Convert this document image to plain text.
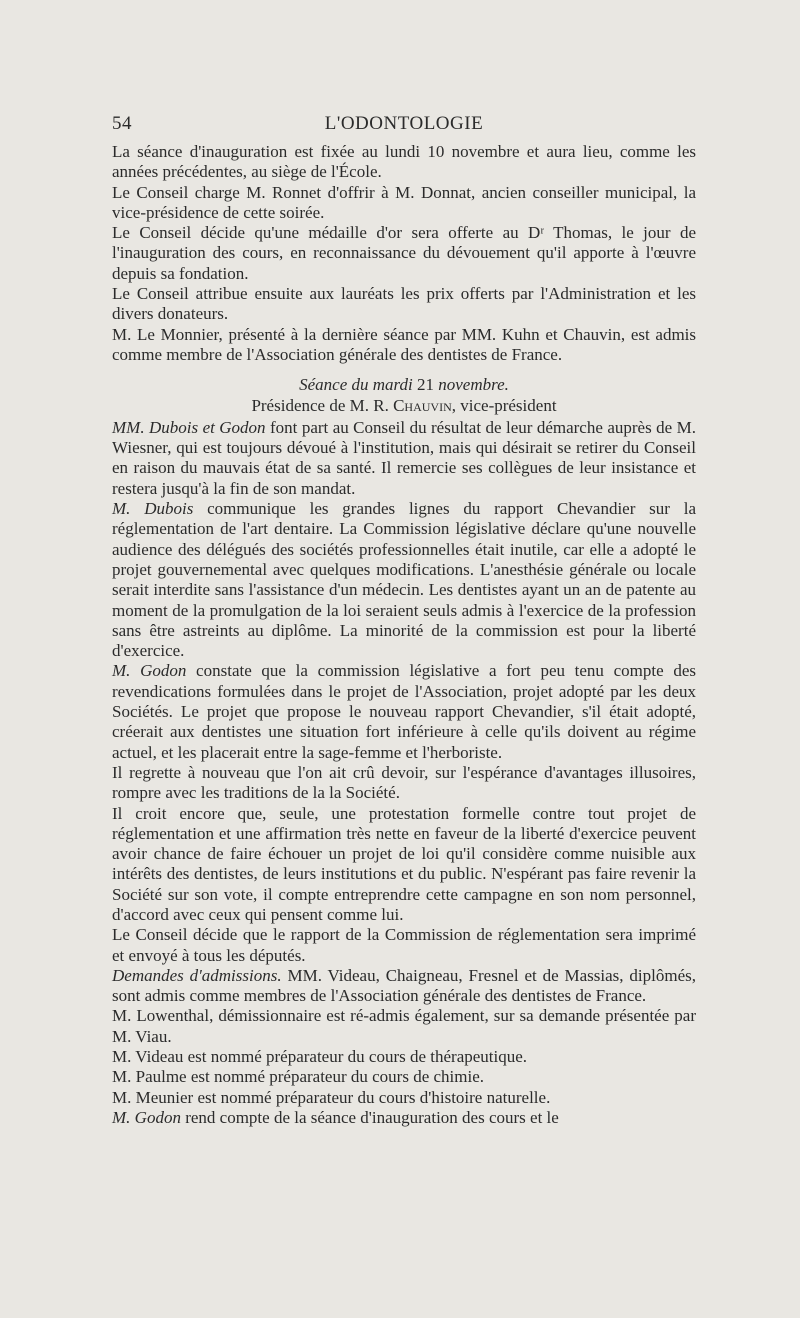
54	L'ODONTOLOGIE

La séance d'inauguration est fixée au lundi 10 novembre et aura lieu, comme les années précédentes, au siège de l'École.

Le Conseil charge M. Ronnet d'offrir à M. Donnat, ancien conseiller municipal, la vice-présidence de cette soirée.

Le Conseil décide qu'une médaille d'or sera offerte au Dʳ Thomas, le jour de l'inauguration des cours, en reconnaissance du dévouement qu'il apporte à l'œuvre depuis sa fondation.

Le Conseil attribue ensuite aux lauréats les prix offerts par l'Administration et les divers donateurs.

M. Le Monnier, présenté à la dernière séance par MM. Kuhn et Chauvin, est admis comme membre de l'Association générale des dentistes de France.

Séance du mardi 21 novembre.

Présidence de M. R. Chauvin, vice-président

MM. Dubois et Godon font part au Conseil du résultat de leur démarche auprès de M. Wiesner, qui est toujours dévoué à l'institution, mais qui désirait se retirer du Conseil en raison du mauvais état de sa santé. Il remercie ses collègues de leur insistance et restera jusqu'à la fin de son mandat.

M. Dubois communique les grandes lignes du rapport Chevandier sur la réglementation de l'art dentaire. La Commission législative déclare qu'une nouvelle audience des délégués des sociétés professionnelles était inutile, car elle a adopté le projet gouvernemental avec quelques modifications. L'anesthésie générale ou locale serait interdite sans l'assistance d'un médecin. Les dentistes ayant un an de patente au moment de la promulgation de la loi seraient seuls admis à l'exercice de la profession sans être astreints au diplôme. La minorité de la commission est pour la liberté d'exercice.

M. Godon constate que la commission législative a fort peu tenu compte des revendications formulées dans le projet de l'Association, projet adopté par les deux Sociétés. Le projet que propose le nouveau rapport Chevandier, s'il était adopté, créerait aux dentistes une situation fort inférieure à celle qu'ils doivent au régime actuel, et les placerait entre la sage-femme et l'herboriste.

Il regrette à nouveau que l'on ait crû devoir, sur l'espérance d'avantages illusoires, rompre avec les traditions de la la Société.

Il croit encore que, seule, une protestation formelle contre tout projet de réglementation et une affirmation très nette en faveur de la liberté d'exercice peuvent avoir chance de faire échouer un projet de loi qu'il considère comme nuisible aux intérêts des dentistes, de leurs institutions et du public. N'espérant pas faire revenir la Société sur son vote, il compte entreprendre cette campagne en son nom personnel, d'accord avec ceux qui pensent comme lui.

Le Conseil décide que le rapport de la Commission de réglementation sera imprimé et envoyé à tous les députés.

Demandes d'admissions. MM. Videau, Chaigneau, Fresnel et de Massias, diplômés, sont admis comme membres de l'Association générale des dentistes de France.

M. Lowenthal, démissionnaire est ré-admis également, sur sa demande présentée par M. Viau.

M. Videau est nommé préparateur du cours de thérapeutique.

M. Paulme est nommé préparateur du cours de chimie.

M. Meunier est nommé préparateur du cours d'histoire naturelle.

M. Godon rend compte de la séance d'inauguration des cours et le
